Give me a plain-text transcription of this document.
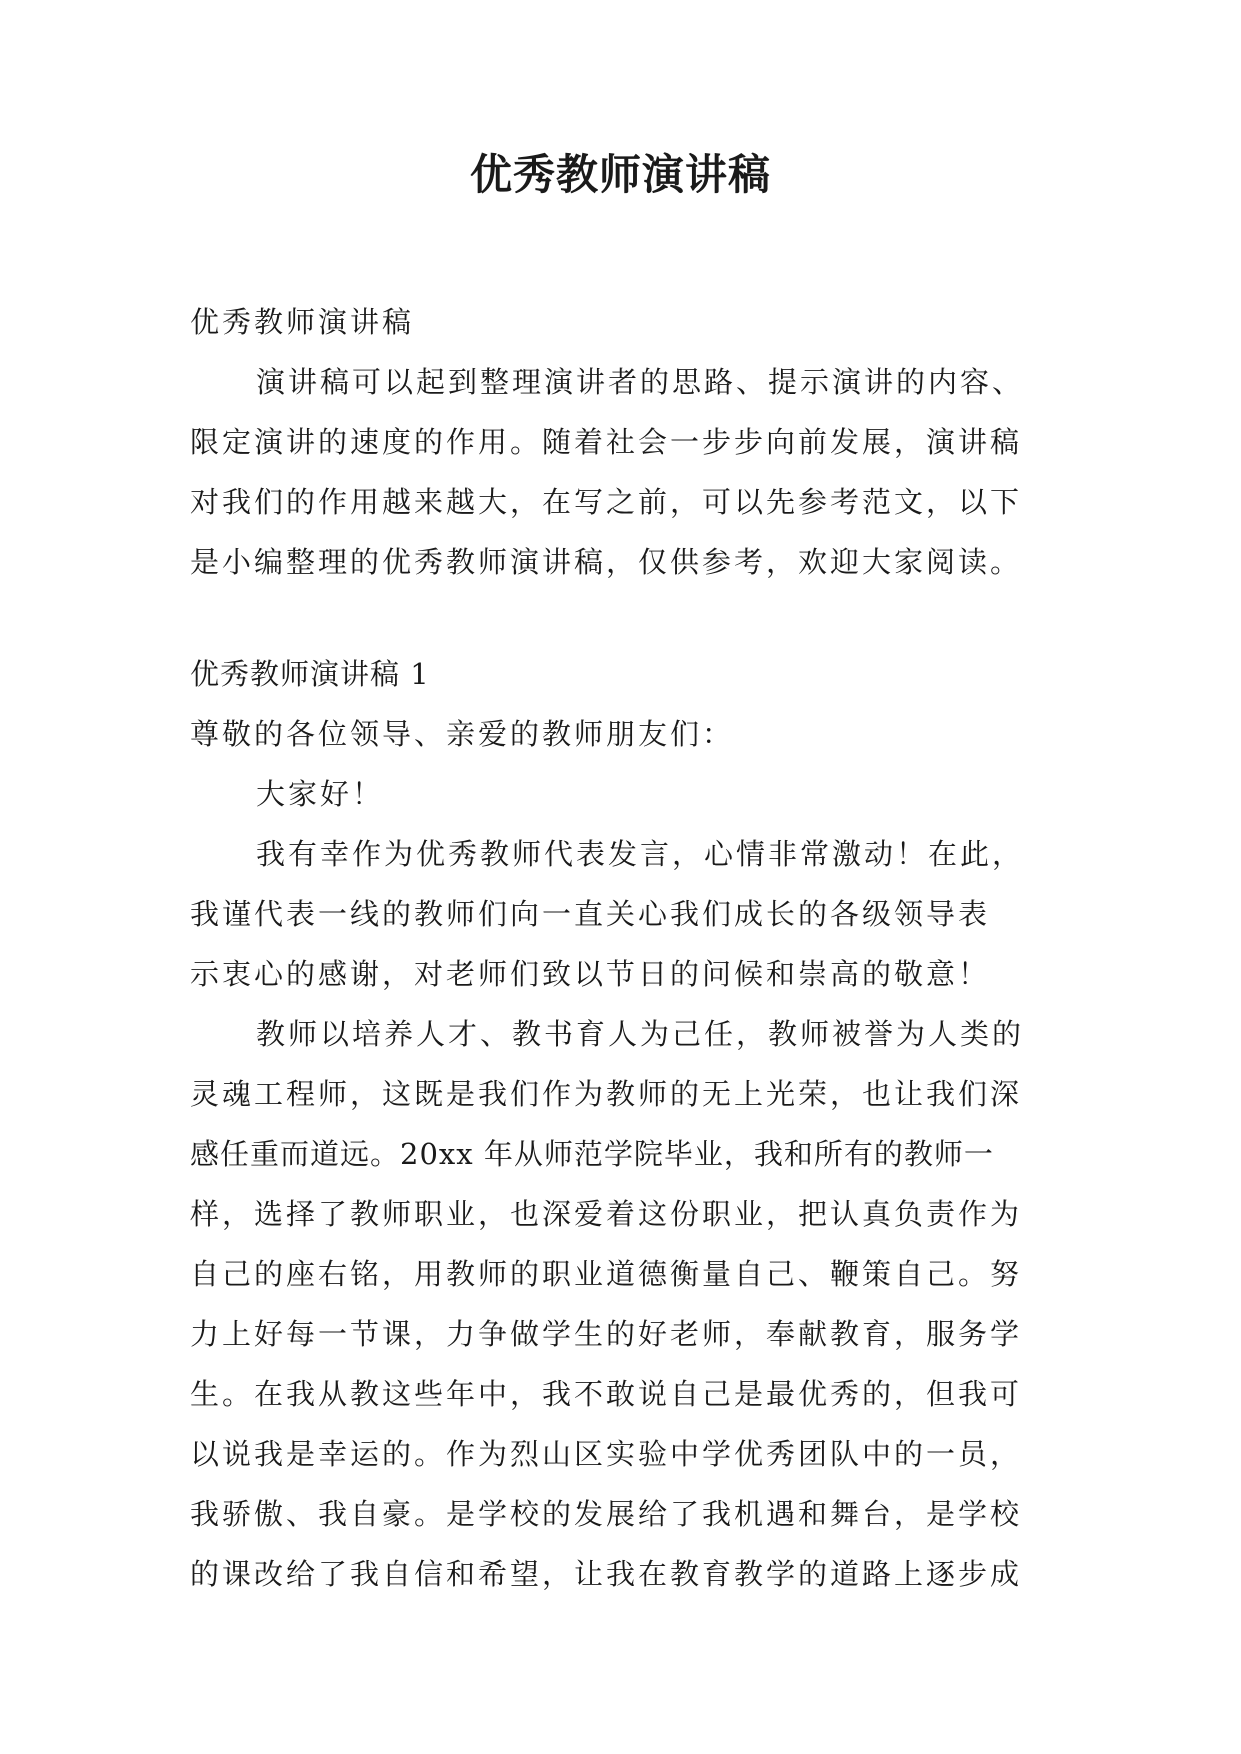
优秀教师演讲稿
优秀教师演讲稿
演讲稿可以起到整理演讲者的思路、提示演讲的内容、
限定演讲的速度的作用。随着社会一步步向前发展，演讲稿
对我们的作用越来越大，在写之前，可以先参考范文，以下
是小编整理的优秀教师演讲稿，仅供参考，欢迎大家阅读。
优秀教师演讲稿 1
尊敬的各位领导、亲爱的教师朋友们：
大家好！
我有幸作为优秀教师代表发言，心情非常激动！在此，
我谨代表一线的教师们向一直关心我们成长的各级领导表
示衷心的感谢，对老师们致以节日的问候和崇高的敬意！
教师以培养人才、教书育人为己任，教师被誉为人类的
灵魂工程师，这既是我们作为教师的无上光荣，也让我们深
感任重而道远。20xx 年从师范学院毕业，我和所有的教师一
样，选择了教师职业，也深爱着这份职业，把认真负责作为
自己的座右铭，用教师的职业道德衡量自己、鞭策自己。努
力上好每一节课，力争做学生的好老师，奉献教育，服务学
生。在我从教这些年中，我不敢说自己是最优秀的，但我可
以说我是幸运的。作为烈山区实验中学优秀团队中的一员，
我骄傲、我自豪。是学校的发展给了我机遇和舞台，是学校
的课改给了我自信和希望，让我在教育教学的道路上逐步成
